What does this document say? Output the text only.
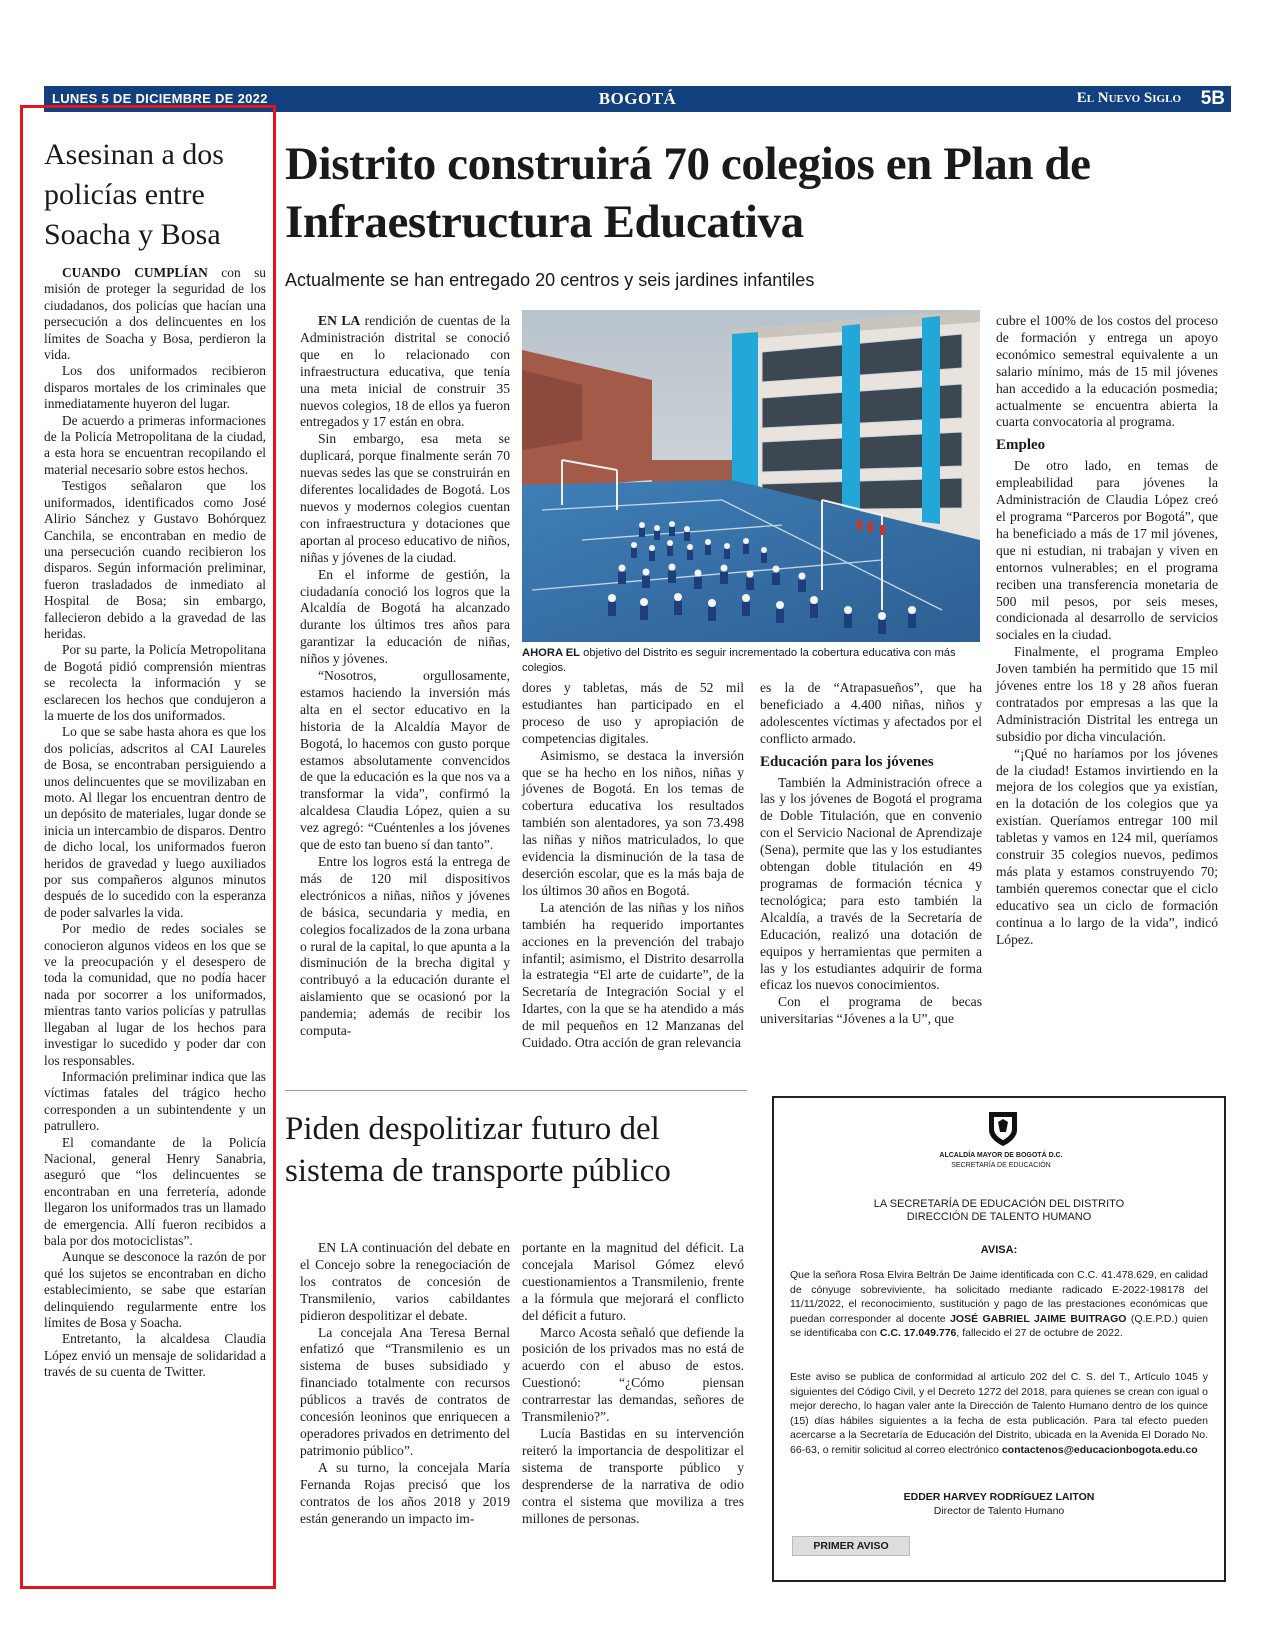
LUNES 5 DE DICIEMBRE DE 2022	BOGOTÁ	El Nuevo Siglo 5B
Asesinan a dos policías entre Soacha y Bosa

CUANDO CUMPLÍAN con su misión de proteger la seguridad de los ciudadanos, dos policías que hacían una persecución a dos delincuentes en los límites de Soacha y Bosa, perdieron la vida.

Los dos uniformados recibieron disparos mortales de los criminales que inmediatamente huyeron del lugar.

De acuerdo a primeras informaciones de la Policía Metropolitana de la ciudad, a esta hora se encuentran recopilando el material necesario sobre estos hechos.

Testigos señalaron que los uniformados, identificados como José Alirio Sánchez y Gustavo Bohórquez Canchila, se encontraban en medio de una persecución cuando recibieron los disparos. Según información preliminar, fueron trasladados de inmediato al Hospital de Bosa; sin embargo, fallecieron debido a la gravedad de las heridas.

Por su parte, la Policía Metropolitana de Bogotá pidió comprensión mientras se recolecta la información y se esclarecen los hechos que condujeron a la muerte de los dos uniformados.

Lo que se sabe hasta ahora es que los dos policías, adscritos al CAI Laureles de Bosa, se encontraban persiguiendo a unos delincuentes que se movilizaban en moto. Al llegar los encuentran dentro de un depósito de materiales, lugar donde se inicia un intercambio de disparos. Dentro de dicho local, los uniformados fueron heridos de gravedad y luego auxiliados por sus compañeros algunos minutos después de lo sucedido con la esperanza de poder salvarles la vida.

Por medio de redes sociales se conocieron algunos videos en los que se ve la preocupación y el desespero de toda la comunidad, que no podía hacer nada por socorrer a los uniformados, mientras tanto varios policías y patrullas llegaban al lugar de los hechos para investigar lo sucedido y poder dar con los responsables.

Información preliminar indica que las víctimas fatales del trágico hecho corresponden a un subintendente y un patrullero.

El comandante de la Policía Nacional, general Henry Sanabria, aseguró que “los delincuentes se encontraban en una ferretería, adonde llegaron los uniformados tras un llamado de emergencia. Allí fueron recibidos a bala por dos motociclistas”.

Aunque se desconoce la razón de por qué los sujetos se encontraban en dicho establecimiento, se sabe que estarían delinquiendo regularmente entre los límites de Bosa y Soacha.

Entretanto, la alcaldesa Claudia López envió un mensaje de solidaridad a través de su cuenta de Twitter.

Distrito construirá 70 colegios en Plan de Infraestructura Educativa
Actualmente se han entregado 20 centros y seis jardines infantiles

EN LA rendición de cuentas de la Administración distrital se conoció que en lo relacionado con infraestructura educativa, que tenía una meta inicial de construir 35 nuevos colegios, 18 de ellos ya fueron entregados y 17 están en obra.

Sin embargo, esa meta se duplicará, porque finalmente serán 70 nuevas sedes las que se construirán en diferentes localidades de Bogotá. Los nuevos y modernos colegios cuentan con infraestructura y dotaciones que aportan al proceso educativo de niños, niñas y jóvenes de la ciudad.

En el informe de gestión, la ciudadanía conoció los logros que la Alcaldía de Bogotá ha alcanzado durante los últimos tres años para garantizar la educación de niñas, niños y jóvenes.

“Nosotros, orgullosamente, estamos haciendo la inversión más alta en el sector educativo en la historia de la Alcaldía Mayor de Bogotá, lo hacemos con gusto porque estamos absolutamente convencidos de que la educación es la que nos va a transformar la vida”, confirmó la alcaldesa Claudia López, quien a su vez agregó: “Cuéntenles a los jóvenes que de esto tan bueno sí dan tanto”.

Entre los logros está la entrega de más de 120 mil dispositivos electrónicos a niñas, niños y jóvenes de básica, secundaria y media, en colegios focalizados de la zona urbana o rural de la capital, lo que apunta a la disminución de la brecha digital y contribuyó a la educación durante el aislamiento que se ocasionó por la pandemia; además de recibir los computa-

AHORA EL objetivo del Distrito es seguir incrementado la cobertura educativa con más colegios.

dores y tabletas, más de 52 mil estudiantes han participado en el proceso de uso y apropiación de competencias digitales.

Asimismo, se destaca la inversión que se ha hecho en los niños, niñas y jóvenes de Bogotá. En los temas de cobertura educativa los resultados también son alentadores, ya son 73.498 las niñas y niños matriculados, lo que evidencia la disminución de la tasa de deserción escolar, que es la más baja de los últimos 30 años en Bogotá.

La atención de las niñas y los niños también ha requerido importantes acciones en la prevención del trabajo infantil; asimismo, el Distrito desarrolla la estrategia “El arte de cuidarte”, de la Secretaría de Integración Social y el Idartes, con la que se ha atendido a más de mil pequeños en 12 Manzanas del Cuidado. Otra acción de gran relevancia

es la de “Atrapasueños”, que ha beneficiado a 4.400 niñas, niños y adolescentes víctimas y afectados por el conflicto armado.

Educación para los jóvenes

También la Administración ofrece a las y los jóvenes de Bogotá el programa de Doble Titulación, que en convenio con el Servicio Nacional de Aprendizaje (Sena), permite que las y los estudiantes obtengan doble titulación en 49 programas de formación técnica y tecnológica; para esto también la Alcaldía, a través de la Secretaría de Educación, realizó una dotación de equipos y herramientas que permiten a las y los estudiantes adquirir de forma eficaz los nuevos conocimientos.

Con el programa de becas universitarias “Jóvenes a la U”, que

cubre el 100% de los costos del proceso de formación y entrega un apoyo económico semestral equivalente a un salario mínimo, más de 15 mil jóvenes han accedido a la educación posmedia; actualmente se encuentra abierta la cuarta convocatoria al programa.

Empleo

De otro lado, en temas de empleabilidad para jóvenes la Administración de Claudia López creó el programa “Parceros por Bogotá”, que ha beneficiado a más de 17 mil jóvenes, que ni estudian, ni trabajan y viven en entornos vulnerables; en el programa reciben una transferencia monetaria de 500 mil pesos, por seis meses, condicionada al desarrollo de servicios sociales en la ciudad.

Finalmente, el programa Empleo Joven también ha permitido que 15 mil jóvenes entre los 18 y 28 años fueran contratados por empresas a las que la Administración Distrital les entrega un subsidio por dicha vinculación.

“¡Qué no haríamos por los jóvenes de la ciudad! Estamos invirtiendo en la mejora de los colegios que ya existían, en la dotación de los colegios que ya existían. Queríamos entregar 100 mil tabletas y vamos en 124 mil, queríamos construir 35 colegios nuevos, pedimos más plata y estamos construyendo 70; también queremos conectar que el ciclo educativo sea un ciclo de formación continua a lo largo de la vida”, indicó López.

Piden despolitizar futuro del sistema de transporte público

EN LA continuación del debate en el Concejo sobre la renegociación de los contratos de concesión de Transmilenio, varios cabildantes pidieron despolitizar el debate.

La concejala Ana Teresa Bernal enfatizó que “Transmilenio es un sistema de buses subsidiado y financiado totalmente con recursos públicos a través de contratos de concesión leoninos que enriquecen a operadores privados en detrimento del patrimonio público”.

A su turno, la concejala María Fernanda Rojas precisó que los contratos de los años 2018 y 2019 están generando un impacto im-

portante en la magnitud del déficit. La concejala Marisol Gómez elevó cuestionamientos a Transmilenio, frente a la fórmula que mejorará el conflicto del déficit a futuro.

Marco Acosta señaló que defiende la posición de los privados mas no está de acuerdo con el abuso de estos. Cuestionó: “¿Cómo piensan contrarrestar las demandas, señores de Transmilenio?”.

Lucía Bastidas en su intervención reiteró la importancia de despolitizar el sistema de transporte público y desprenderse de la narrativa de odio contra el sistema que moviliza a tres millones de personas.

ALCALDÍA MAYOR DE BOGOTÁ D.C.
SECRETARÍA DE EDUCACIÓN
LA SECRETARÍA DE EDUCACIÓN DEL DISTRITO
DIRECCIÓN DE TALENTO HUMANO
AVISA:
Que la señora Rosa Elvira Beltrán De Jaime identificada con C.C. 41.478.629, en calidad de cónyuge sobreviviente, ha solicitado mediante radicado E-2022-198178 del 11/11/2022, el reconocimiento, sustitución y pago de las prestaciones económicas que puedan corresponder al docente JOSÉ GABRIEL JAIME BUITRAGO (Q.E.P.D.) quien se identificaba con C.C. 17.049.776, fallecido el 27 de octubre de 2022.
Este aviso se publica de conformidad al artículo 202 del C. S. del T., Artículo 1045 y siguientes del Código Civil, y el Decreto 1272 del 2018, para quienes se crean con igual o mejor derecho, lo hagan valer ante la Dirección de Talento Humano dentro de los quince (15) días hábiles siguientes a la fecha de esta publicación. Para tal efecto pueden acercarse a la Secretaría de Educación del Distrito, ubicada en la Avenida El Dorado No. 66-63, o remitir solicitud al correo electrónico contactenos@educacionbogota.edu.co
EDDER HARVEY RODRÍGUEZ LAITON
Director de Talento Humano
PRIMER AVISO
